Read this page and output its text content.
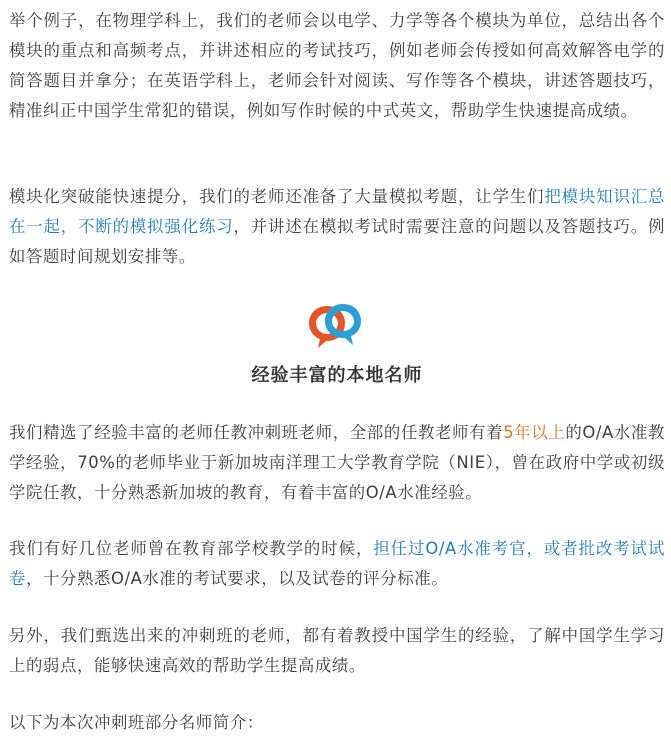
举个例子，在物理学科上，我们的老师会以电学、力学等各个模块为单位，总结出各个模块的重点和高频考点，并讲述相应的考试技巧，例如老师会传授如何高效解答电学的简答题目并拿分；在英语学科上，老师会针对阅读、写作等各个模块，讲述答题技巧，精准纠正中国学生常犯的错误，例如写作时候的中式英文，帮助学生快速提高成绩。

模块化突破能快速提分，我们的老师还准备了大量模拟考题，让学生们把模块知识汇总在一起，不断的模拟强化练习，并讲述在模拟考试时需要注意的问题以及答题技巧。例如答题时间规划安排等。

经验丰富的本地名师

我们精选了经验丰富的老师任教冲刺班老师，全部的任教老师有着5年以上的O/A水准教学经验，70%的老师毕业于新加坡南洋理工大学教育学院（NIE），曾在政府中学或初级学院任教，十分熟悉新加坡的教育，有着丰富的O/A水准经验。

我们有好几位老师曾在教育部学校教学的时候，担任过O/A水准考官，或者批改考试试卷，十分熟悉O/A水准的考试要求，以及试卷的评分标准。

另外，我们甄选出来的冲刺班的老师，都有着教授中国学生的经验，了解中国学生学习上的弱点，能够快速高效的帮助学生提高成绩。

以下为本次冲刺班部分名师简介：
